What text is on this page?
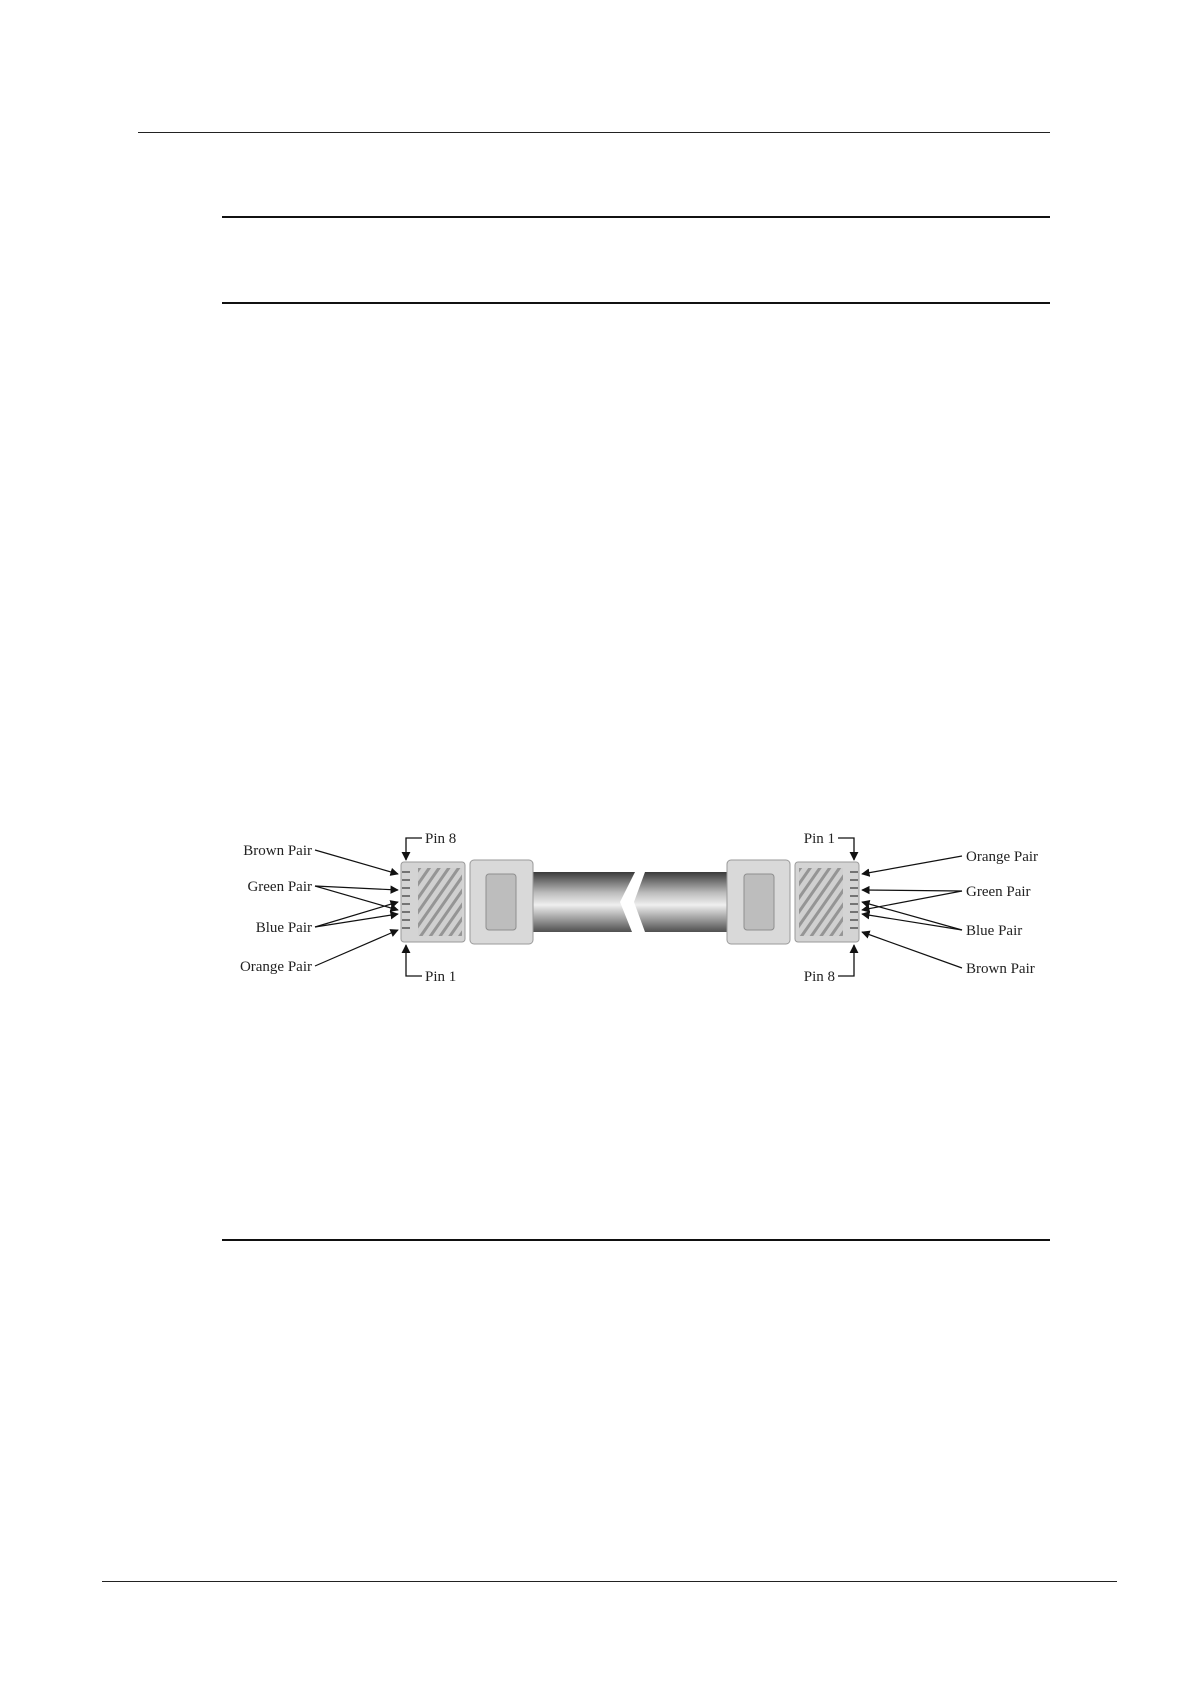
Pin 8
Pin 1
Brown Pair
Green Pair
Blue Pair
Orange Pair
Pin 1
Pin 8
Orange Pair
Green Pair
Blue Pair
Brown Pair
